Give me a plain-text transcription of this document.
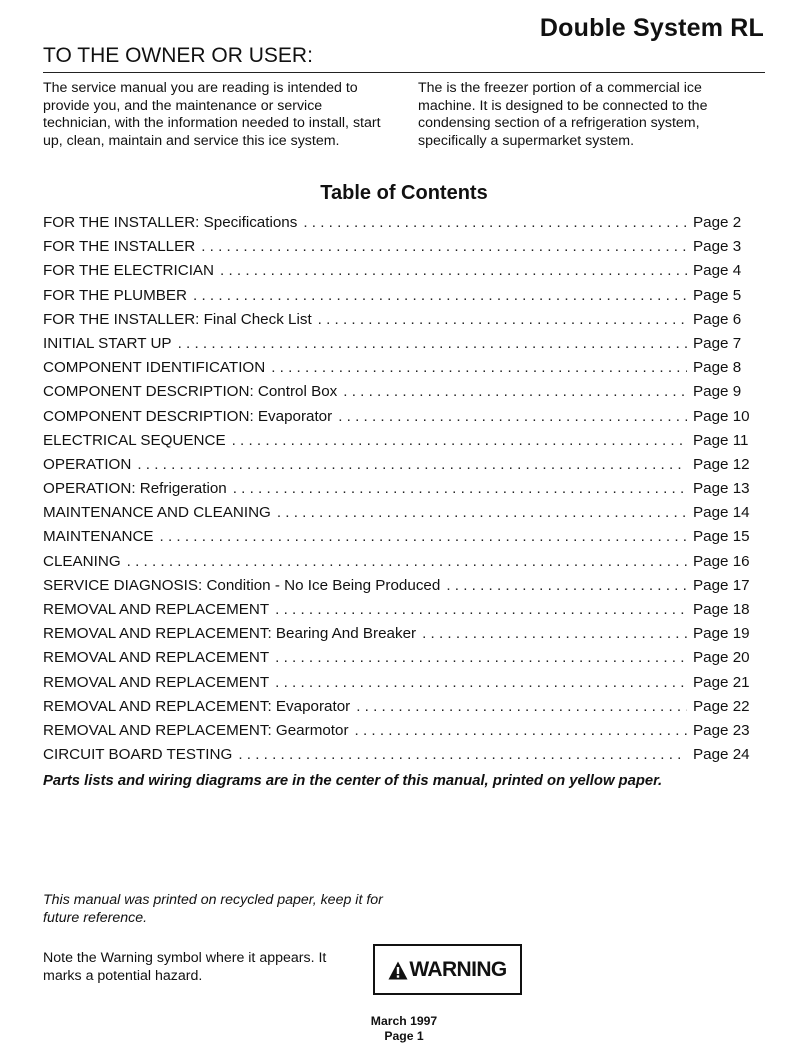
Double System RL
TO THE OWNER OR USER:
The service manual you are reading is intended to provide you, and the maintenance or service technician, with the information needed to install, start up, clean, maintain and service this ice system.
The is the freezer portion of a commercial ice machine. It is designed to be connected to the condensing section of a refrigeration system, specifically a supermarket system.
Table of Contents
FOR THE INSTALLER: Specifications . . .	Page 2
FOR THE INSTALLER . . .	Page 3
FOR THE ELECTRICIAN . . .	Page 4
FOR THE PLUMBER . . .	Page 5
FOR THE INSTALLER: Final Check List . . .	Page 6
INITIAL START UP . . .	Page 7
COMPONENT IDENTIFICATION . . .	Page 8
COMPONENT DESCRIPTION: Control Box . . .	Page 9
COMPONENT DESCRIPTION: Evaporator . . .	Page 10
ELECTRICAL SEQUENCE . . .	Page 11
OPERATION . . .	Page 12
OPERATION: Refrigeration . . .	Page 13
MAINTENANCE AND CLEANING . . .	Page 14
MAINTENANCE . . .	Page 15
CLEANING . . .	Page 16
SERVICE DIAGNOSIS: Condition - No Ice Being Produced . . .	Page 17
REMOVAL AND REPLACEMENT . . .	Page 18
REMOVAL AND REPLACEMENT: Bearing And Breaker . . .	Page 19
REMOVAL AND REPLACEMENT . . .	Page 20
REMOVAL AND REPLACEMENT . . .	Page 21
REMOVAL AND REPLACEMENT: Evaporator . . .	Page 22
REMOVAL AND REPLACEMENT: Gearmotor . . .	Page 23
CIRCUIT BOARD TESTING . . .	Page 24
Parts lists and wiring diagrams are in the center of this manual, printed on yellow paper.
This manual was printed on recycled paper, keep it for future reference.
Note the Warning symbol where it appears. It marks a potential hazard.	WARNING
March 1997
Page 1
